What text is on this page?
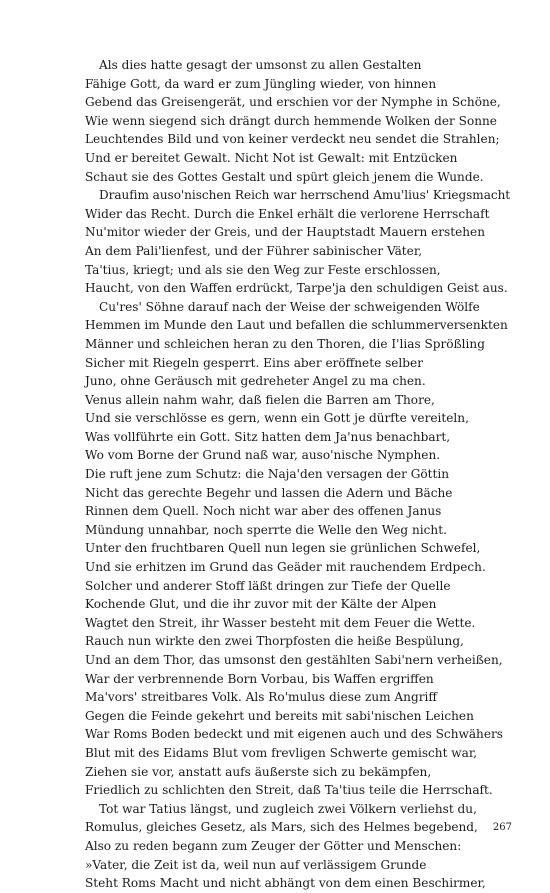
Als dies hatte gesagt der umsonst zu allen Gestalten
Fähige Gott, da ward er zum Jüngling wieder, von hinnen
Gebend das Greisengerät, und erschien vor der Nymphe in Schöne,
Wie wenn siegend sich drängt durch hemmende Wolken der Sonne
Leuchtendes Bild und von keiner verdeckt neu sendet die Strahlen;
Und er bereitet Gewalt. Nicht Not ist Gewalt: mit Entzücken
Schaut sie des Gottes Gestalt und spürt gleich jenem die Wunde.
Draufim auso'nischen Reich war herrschend Amu'lius' Kriegsmacht
Wider das Recht. Durch die Enkel erhält die verlorene Herrschaft
Nu'mitor wieder der Greis, und der Hauptstadt Mauern erstehen
An dem Pali'lienfest, und der Führer sabinischer Väter,
Ta'tius, kriegt; und als sie den Weg zur Feste erschlossen,
Haucht, von den Waffen erdrückt, Tarpe'ja den schuldigen Geist aus.
Cu'res' Söhne darauf nach der Weise der schweigenden Wölfe
Hemmen im Munde den Laut und befallen die schlummerversenkten
Männer und schleichen heran zu den Thoren, die I'lias Sprößling
Sicher mit Riegeln gesperrt. Eins aber eröffnete selber
Juno, ohne Geräusch mit gedreheter Angel zu ma chen.
Venus allein nahm wahr, daß fielen die Barren am Thore,
Und sie verschlösse es gern, wenn ein Gott je dürfte vereiteln,
Was vollführte ein Gott. Sitz hatten dem Ja'nus benachbart,
Wo vom Borne der Grund naß war, auso'nische Nymphen.
Die ruft jene zum Schutz: die Naja'den versagen der Göttin
Nicht das gerechte Begehr und lassen die Adern und Bäche
Rinnen dem Quell. Noch nicht war aber des offenen Janus
Mündung unnahbar, noch sperrte die Welle den Weg nicht.
Unter den fruchtbaren Quell nun legen sie grünlichen Schwefel,
Und sie erhitzen im Grund das Geäder mit rauchendem Erdpech.
Solcher und anderer Stoff läßt dringen zur Tiefe der Quelle
Kochende Glut, und die ihr zuvor mit der Kälte der Alpen
Wagtet den Streit, ihr Wasser besteht mit dem Feuer die Wette.
Rauch nun wirkte den zwei Thorpfosten die heiße Bespülung,
Und an dem Thor, das umsonst den gestählten Sabi'nern verheißen,
War der verbrennende Born Vorbau, bis Waffen ergriffen
Ma'vors' streitbares Volk. Als Ro'mulus diese zum Angriff
Gegen die Feinde gekehrt und bereits mit sabi'nischen Leichen
War Roms Boden bedeckt und mit eigenen auch und des Schwähers
Blut mit des Eidams Blut vom frevligen Schwerte gemischt war,
Ziehen sie vor, anstatt aufs äußerste sich zu bekämpfen,
Friedlich zu schlichten den Streit, daß Ta'tius teile die Herrschaft.
Tot war Tatius längst, und zugleich zwei Völkern verliehst du,
Romulus, gleiches Gesetz, als Mars, sich des Helmes begebend,
Also zu reden begann zum Zeuger der Götter und Menschen:
»Vater, die Zeit ist da, weil nun auf verlässigem Grunde
Steht Roms Macht und nicht abhängt von dem einen Beschirmer,
267
